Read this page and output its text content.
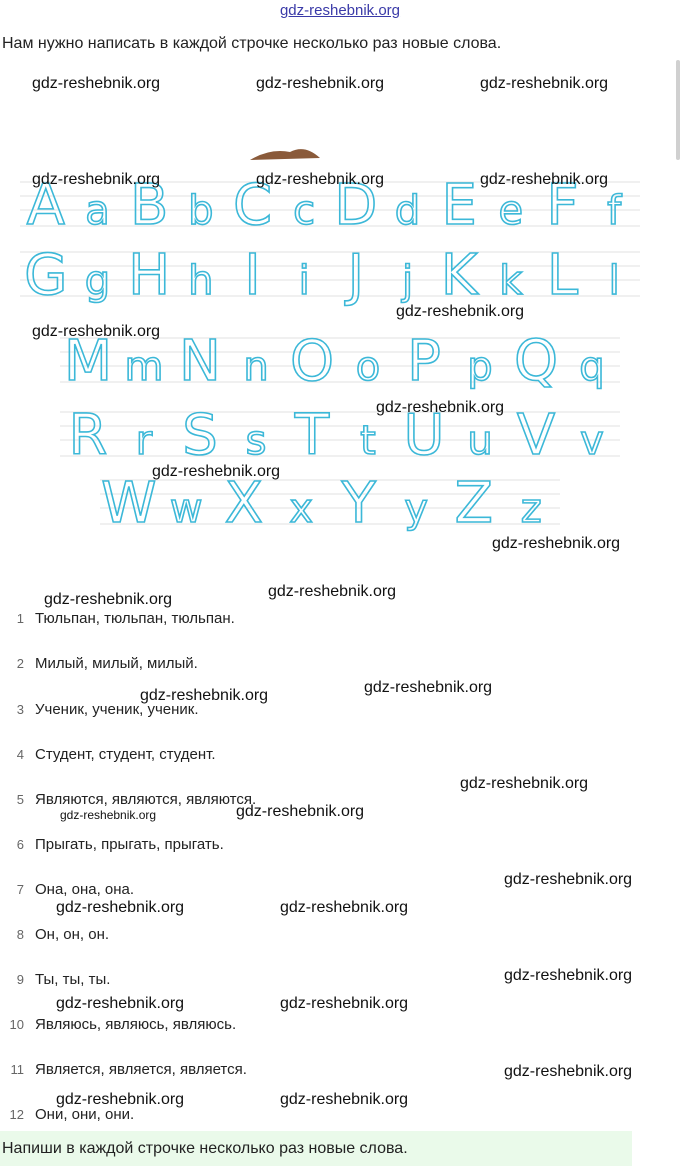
gdz-reshebnik.org
Нам нужно написать в каждой строчке несколько раз новые слова.
A a B b C c D d E e F f
G g H h I i J j K k L l
M m N n O o P p Q q
R r S s T t U u V v
W w X x Y y Z z
gdz-reshebnik.org	gdz-reshebnik.org	gdz-reshebnik.org
gdz-reshebnik.org	gdz-reshebnik.org	gdz-reshebnik.org
gdz-reshebnik.org
gdz-reshebnik.org
gdz-reshebnik.org
gdz-reshebnik.org
gdz-reshebnik.org
gdz-reshebnik.org
gdz-reshebnik.org
gdz-reshebnik.org
gdz-reshebnik.org
gdz-reshebnik.org
gdz-reshebnik.org
gdz-reshebnik.org
gdz-reshebnik.org
gdz-reshebnik.org	gdz-reshebnik.org
gdz-reshebnik.org
gdz-reshebnik.org	gdz-reshebnik.org
gdz-reshebnik.org
gdz-reshebnik.org	gdz-reshebnik.org
1 Тюльпан, тюльпан, тюльпан.
2 Милый, милый, милый.
3 Ученик, ученик, ученик.
4 Студент, студент, студент.
5 Являются, являются, являются.
6 Прыгать, прыгать, прыгать.
7 Она, она, она.
8 Он, он, он.
9 Ты, ты, ты.
10 Являюсь, являюсь, являюсь.
11 Является, является, является.
12 Они, они, они.
Напиши в каждой строчке несколько раз новые слова.
